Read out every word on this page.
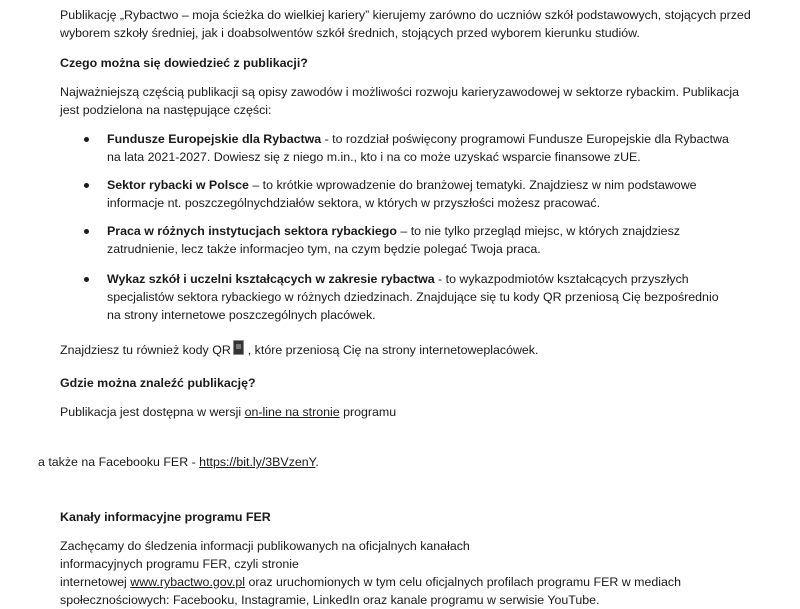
Publikację „Rybactwo – moja ścieżka do wielkiej kariery” kierujemy zarówno do uczniów szkół podstawowych, stojących przed
wyborem szkoły średniej, jak i doabsolwentów szkół średnich, stojących przed wyborem kierunku studiów.
Czego można się dowiedzieć z publikacji?
Najważniejszą częścią publikacji są opisy zawodów i możliwości rozwoju karieryzawodowej w sektorze rybackim. Publikacja
jest podzielona na następujące części:
Fundusze Europejskie dla Rybactwa - to rozdział poświęcony programowi Fundusze Europejskie dla Rybactwa
na lata 2021-2027. Dowiesz się z niego m.in., kto i na co może uzyskać wsparcie finansowe zUE.
Sektor rybacki w Polsce – to krótkie wprowadzenie do branżowej tematyki. Znajdziesz w nim podstawowe
informacje nt. poszczególnychdziałów sektora, w których w przyszłości możesz pracować.
Praca w różnych instytucjach sektora rybackiego – to nie tylko przegląd miejsc, w których znajdziesz
zatrudnienie, lecz także informacjeo tym, na czym będzie polegać Twoja praca.
Wykaz szkół i uczelni kształcących w zakresie rybactwa - to wykazpodmiotów kształcących przyszłych
specjalistów sektora rybackiego w różnych dziedzinach. Znajdujące się tu kody QR przeniosą Cię bezpośrednio
na strony internetowe poszczególnych placówek.
Znajdziesz tu również kody QR , które przeniosą Cię na strony internetoweplacówek.
Gdzie można znaleźć publikację?
Publikacja jest dostępna w wersji on-line na stronie programu
a także na Facebooku FER - https://bit.ly/3BVzenY.
Kanały informacyjne programu FER
Zachęcamy do śledzenia informacji publikowanych na oficjalnych kanałach
informacyjnych programu FER, czyli stronie
internetowej www.rybactwo.gov.pl oraz uruchomionych w tym celu oficjalnych profilach programu FER w mediach
społecznościowych: Facebooku, Instagramie, LinkedIn oraz kanale programu w serwisie YouTube.
